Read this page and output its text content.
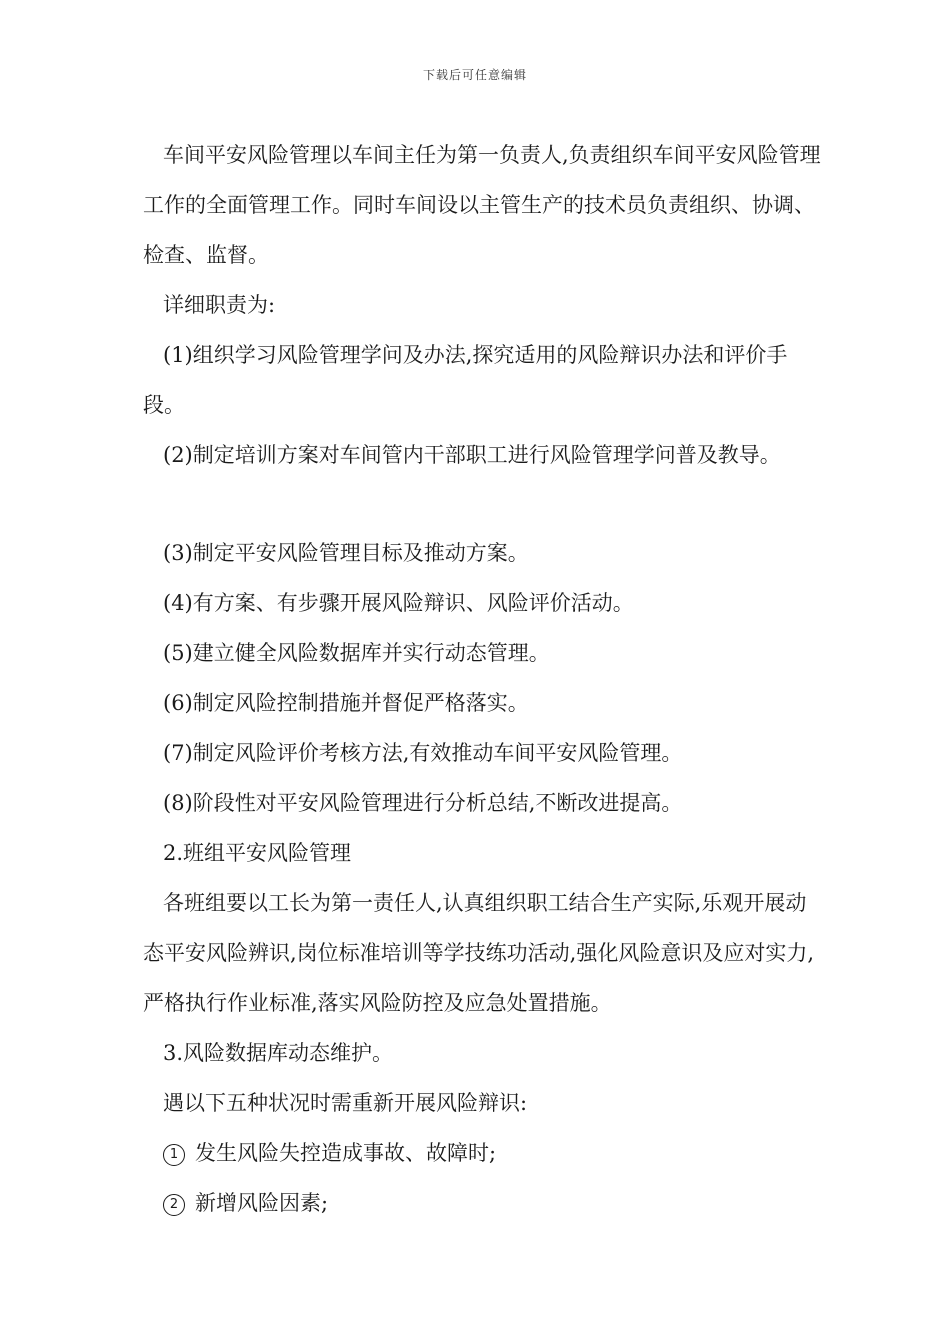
下载后可任意编辑

车间平安风险管理以车间主任为第一负责人,负责组织车间平安风险管理工作的全面管理工作。同时车间设以主管生产的技术员负责组织、协调、检查、监督。

详细职责为:

(1)组织学习风险管理学问及办法,探究适用的风险辩识办法和评价手段。

(2)制定培训方案对车间管内干部职工进行风险管理学问普及教导。

(3)制定平安风险管理目标及推动方案。

(4)有方案、有步骤开展风险辩识、风险评价活动。

(5)建立健全风险数据库并实行动态管理。

(6)制定风险控制措施并督促严格落实。

(7)制定风险评价考核方法,有效推动车间平安风险管理。

(8)阶段性对平安风险管理进行分析总结,不断改进提高。

2.班组平安风险管理

各班组要以工长为第一责任人,认真组织职工结合生产实际,乐观开展动态平安风险辨识,岗位标准培训等学技练功活动,强化风险意识及应对实力,严格执行作业标准,落实风险防控及应急处置措施。

3.风险数据库动态维护。

遇以下五种状况时需重新开展风险辩识:

1 发生风险失控造成事故、故障时;

2 新增风险因素;
